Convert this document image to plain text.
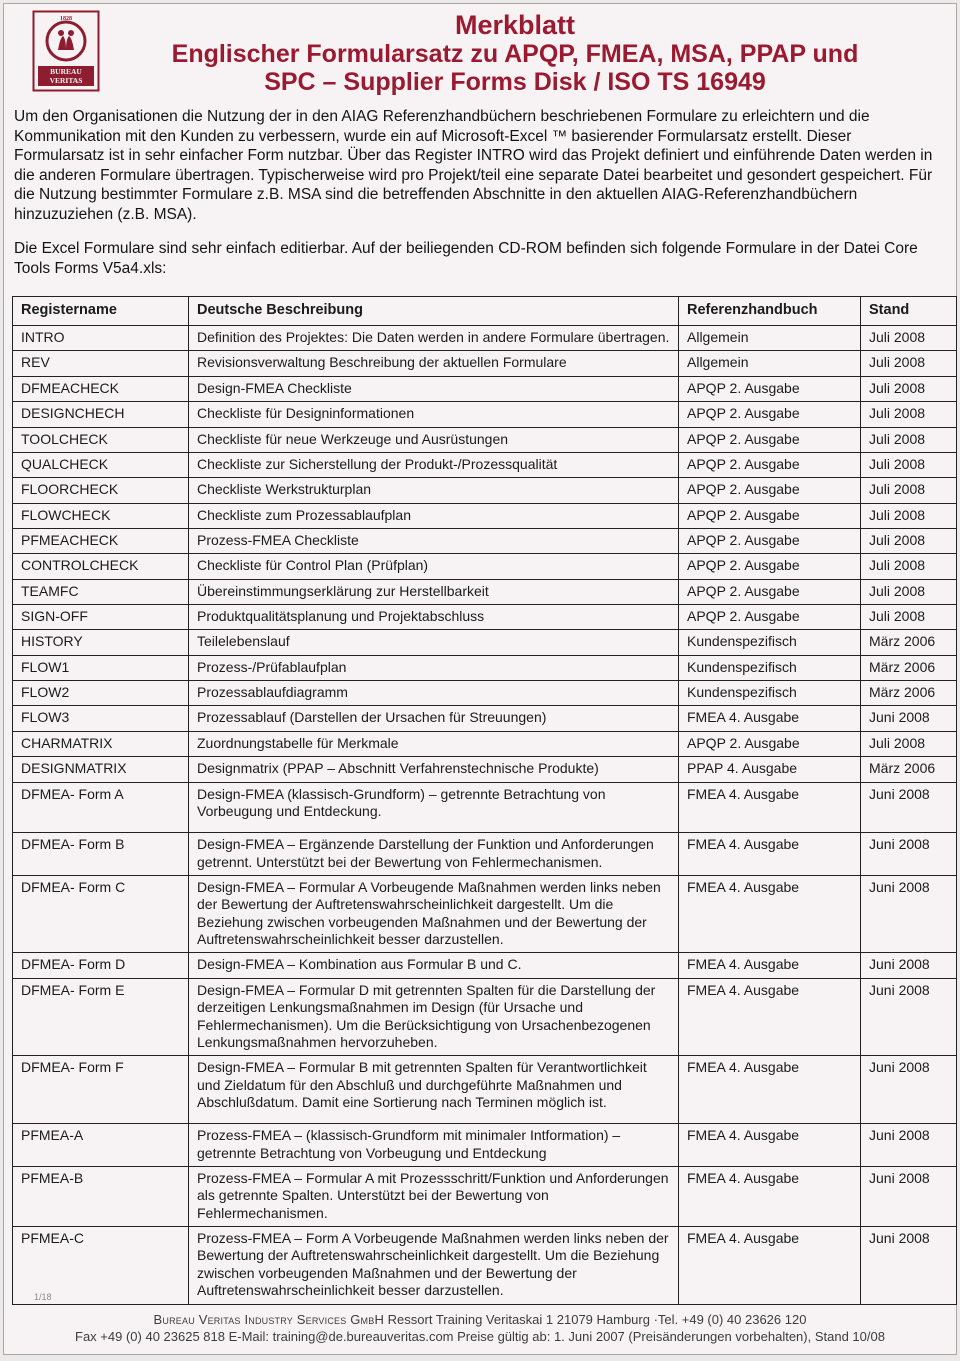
1828
BUREAU
VERITAS
Merkblatt
Englischer Formularsatz zu APQP, FMEA, MSA, PPAP und
SPC – Supplier Forms Disk / ISO TS 16949
Um den Organisationen die Nutzung der in den AIAG Referenzhandbüchern beschriebenen Formulare zu erleichtern und die Kommunikation mit den Kunden zu verbessern, wurde ein auf Microsoft-Excel ™ basierender Formularsatz erstellt. Dieser Formularsatz ist in sehr einfacher Form nutzbar. Über das Register INTRO wird das Projekt definiert und einführende Daten werden in die anderen Formulare übertragen. Typischerweise wird pro Projekt/teil eine separate Datei bearbeitet und gesondert gespeichert. Für die Nutzung bestimmter Formulare z.B. MSA sind die betreffenden Abschnitte in den aktuellen AIAG-Referenzhandbüchern hinzuzuziehen (z.B. MSA).
Die Excel Formulare sind sehr einfach editierbar. Auf der beiliegenden CD-ROM befinden sich folgende Formulare in der Datei Core Tools Forms V5a4.xls:
Registername	Deutsche Beschreibung	Referenzhandbuch	Stand
INTRO	Definition des Projektes: Die Daten werden in andere Formulare übertragen.	Allgemein	Juli 2008
REV	Revisionsverwaltung Beschreibung der aktuellen Formulare	Allgemein	Juli 2008
DFMEACHECK	Design-FMEA Checkliste	APQP 2. Ausgabe	Juli 2008
DESIGNCHECH	Checkliste für Designinformationen	APQP 2. Ausgabe	Juli 2008
TOOLCHECK	Checkliste für neue Werkzeuge und Ausrüstungen	APQP 2. Ausgabe	Juli 2008
QUALCHECK	Checkliste zur Sicherstellung der Produkt-/Prozessqualität	APQP 2. Ausgabe	Juli 2008
FLOORCHECK	Checkliste Werkstrukturplan	APQP 2. Ausgabe	Juli 2008
FLOWCHECK	Checkliste zum Prozessablaufplan	APQP 2. Ausgabe	Juli 2008
PFMEACHECK	Prozess-FMEA Checkliste	APQP 2. Ausgabe	Juli 2008
CONTROLCHECK	Checkliste für Control Plan (Prüfplan)	APQP 2. Ausgabe	Juli 2008
TEAMFC	Übereinstimmungserklärung zur Herstellbarkeit	APQP 2. Ausgabe	Juli 2008
SIGN-OFF	Produktqualitätsplanung und Projektabschluss	APQP 2. Ausgabe	Juli 2008
HISTORY	Teilelebenslauf	Kundenspezifisch	März 2006
FLOW1	Prozess-/Prüfablaufplan	Kundenspezifisch	März 2006
FLOW2	Prozessablaufdiagramm	Kundenspezifisch	März 2006
FLOW3	Prozessablauf (Darstellen der Ursachen für Streuungen)	FMEA 4. Ausgabe	Juni 2008
CHARMATRIX	Zuordnungstabelle für Merkmale	APQP 2. Ausgabe	Juli 2008
DESIGNMATRIX	Designmatrix (PPAP – Abschnitt Verfahrenstechnische Produkte)	PPAP 4. Ausgabe	März 2006
DFMEA- Form A	Design-FMEA (klassisch-Grundform) – getrennte Betrachtung von Vorbeugung und Entdeckung.	FMEA 4. Ausgabe	Juni 2008
DFMEA- Form B	Design-FMEA – Ergänzende Darstellung der Funktion und Anforderungen getrennt. Unterstützt bei der Bewertung von Fehlermechanismen.	FMEA 4. Ausgabe	Juni 2008
DFMEA- Form C	Design-FMEA – Formular A Vorbeugende Maßnahmen werden links neben der Bewertung der Auftretenswahrscheinlichkeit dargestellt. Um die Beziehung zwischen vorbeugenden Maßnahmen und der Bewertung der Auftretenswahrscheinlichkeit besser darzustellen.	FMEA 4. Ausgabe	Juni 2008
DFMEA- Form D	Design-FMEA – Kombination aus Formular B und C.	FMEA 4. Ausgabe	Juni 2008
DFMEA- Form E	Design-FMEA – Formular D mit getrennten Spalten für die Darstellung der derzeitigen Lenkungsmaßnahmen im Design (für Ursache und Fehlermechanismen). Um die Berücksichtigung von Ursachenbezogenen Lenkungsmaßnahmen hervorzuheben.	FMEA 4. Ausgabe	Juni 2008
DFMEA- Form F	Design-FMEA – Formular B mit getrennten Spalten für Verantwortlichkeit und Zieldatum für den Abschluß und durchgeführte Maßnahmen und Abschlußdatum. Damit eine Sortierung nach Terminen möglich ist.	FMEA 4. Ausgabe	Juni 2008
PFMEA-A	Prozess-FMEA – (klassisch-Grundform mit minimaler Intformation) – getrennte Betrachtung von Vorbeugung und Entdeckung	FMEA 4. Ausgabe	Juni 2008
PFMEA-B	Prozess-FMEA – Formular A mit Prozessschritt/Funktion und Anforderungen als getrennte Spalten. Unterstützt bei der Bewertung von Fehlermechanismen.	FMEA 4. Ausgabe	Juni 2008
PFMEA-C	Prozess-FMEA – Form A Vorbeugende Maßnahmen werden links neben der Bewertung der Auftretenswahrscheinlichkeit dargestellt. Um die Beziehung zwischen vorbeugenden Maßnahmen und der Bewertung der Auftretenswahrscheinlichkeit besser darzustellen.	FMEA 4. Ausgabe	Juni 2008
1/18
Bureau Veritas Industry Services GmbH Ressort Training Veritaskai 1 21079 Hamburg ·Tel. +49 (0) 40 23626 120
Fax +49 (0) 40 23625 818 E-Mail: training@de.bureauveritas.com Preise gültig ab: 1. Juni 2007 (Preisänderungen vorbehalten), Stand 10/08
